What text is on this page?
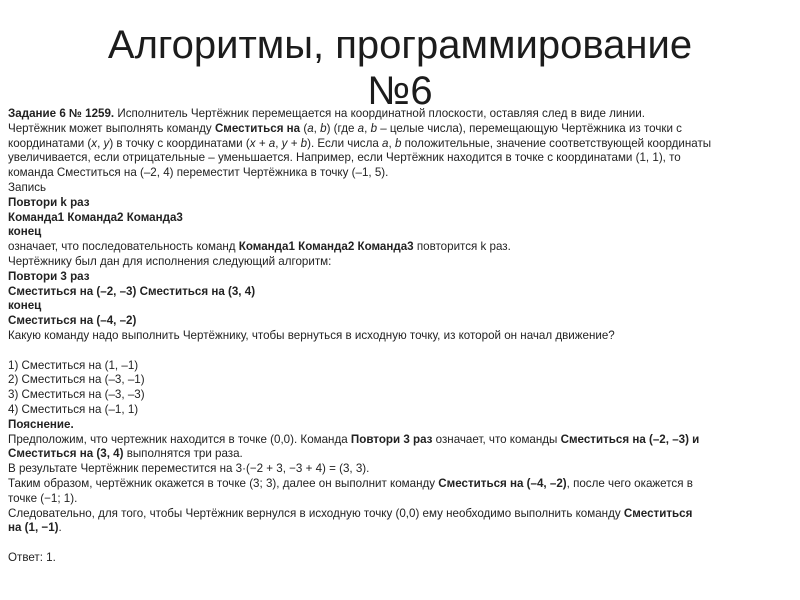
Алгоритмы, программирование
№6
Задание 6 № 1259. Исполнитель Чертёжник перемещается на координатной плоскости, оставляя след в виде линии.
Чертёжник может выполнять команду Сместиться на (a, b) (где a, b – целые числа), перемещающую Чертёжника из точки с
координатами (x, y) в точку с координатами (x + a, y + b). Если числа a, b положительные, значение соответствующей координаты
увеличивается, если отрицательные – уменьшается. Например, если Чертёжник находится в точке с координатами (1, 1), то
команда Сместиться на (–2, 4) переместит Чертёжника в точку (–1, 5).
Запись
Повтори k раз
Команда1 Команда2 Команда3
конец
означает, что последовательность команд Команда1 Команда2 Команда3 повторится k раз.
Чертёжнику был дан для исполнения следующий алгоритм:
Повтори 3 раз
Сместиться на (–2, –3) Сместиться на (3, 4)
конец
Сместиться на (–4, –2)
Какую команду надо выполнить Чертёжнику, чтобы вернуться в исходную точку, из которой он начал движение?
1) Сместиться на (1, –1)
2) Сместиться на (–3, –1)
3) Сместиться на (–3, –3)
4) Сместиться на (–1, 1)
Пояснение.
Предположим, что чертежник находится в точке (0,0). Команда Повтори 3 раз означает, что команды Сместиться на (–2, –3) и
Сместиться на (3, 4) выполнятся три раза.
В результате Чертёжник переместится на 3·(−2 + 3, −3 + 4) = (3, 3).
Таким образом, чертёжник окажется в точке (3; 3), далее он выполнит команду Сместиться на (–4, –2), после чего окажется в
точке (−1; 1).
Следовательно, для того, чтобы Чертёжник вернулся в исходную точку (0,0) ему необходимо выполнить команду Сместиться
на (1, −1).
Ответ: 1.
